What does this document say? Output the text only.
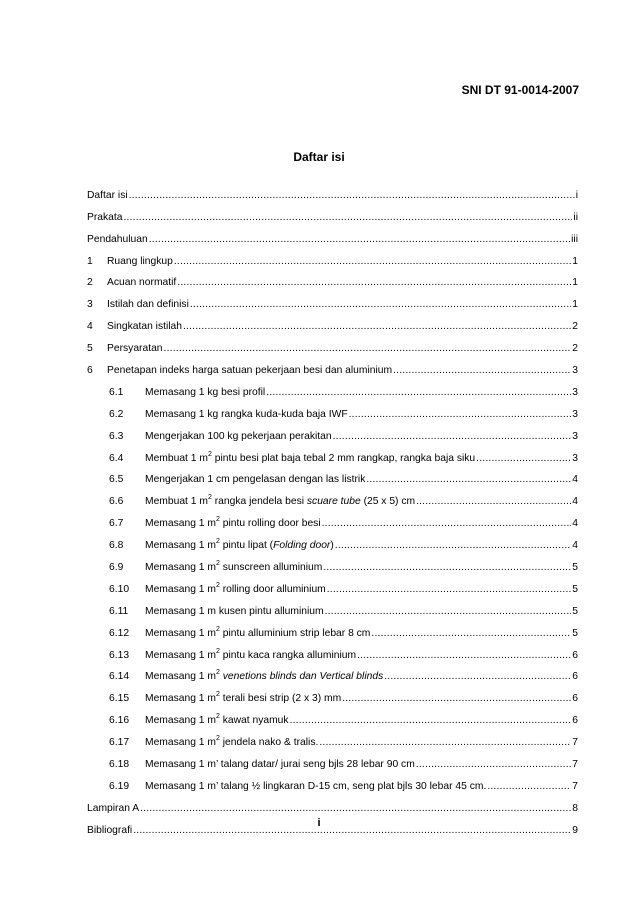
SNI DT 91-0014-2007
Daftar isi
Daftar isi .....	i
Prakata .....	ii
Pendahuluan .....	iii
1	Ruang lingkup .....	1
2	Acuan normatif .....	1
3	Istilah dan definisi .....	1
4	Singkatan istilah .....	2
5	Persyaratan .....	2
6	Penetapan indeks harga satuan pekerjaan besi dan aluminium .....	3
6.1	Memasang 1 kg besi profil .....	3
6.2	Memasang 1 kg rangka kuda-kuda baja IWF .....	3
6.3	Mengerjakan 100 kg pekerjaan perakitan .....	3
6.4	Membuat 1 $m^2$ pintu besi plat baja tebal 2 mm rangkap, rangka baja siku .....	3
6.5	Mengerjakan 1 cm pengelasan dengan las listrik .....	4
6.6	Membuat 1 $m^2$ rangka jendela besi scuare tube (25 x 5) cm .....	4
6.7	Memasang 1 $m^2$ pintu rolling door besi .....	4
6.8	Memasang 1 $m^2$ pintu lipat (Folding door) .....	4
6.9	Memasang 1 $m^2$ sunscreen alluminium .....	5
6.10	Memasang 1 $m^2$ rolling door alluminium .....	5
6.11	Memasang 1 m kusen pintu alluminium .....	5
6.12	Memasang 1 $m^2$ pintu alluminium strip lebar 8 cm .....	5
6.13	Memasang 1 $m^2$ pintu kaca rangka alluminium .....	6
6.14	Memasang 1 $m^2$ venetions blinds dan Vertical blinds .....	6
6.15	Memasang 1 $m^2$ terali besi strip (2 x 3) mm .....	6
6.16	Memasang 1 $m^2$ kawat nyamuk .....	6
6.17	Memasang 1 $m^2$ jendela nako & tralis. .....	7
6.18	Memasang 1 m’ talang datar/ jurai seng bjls 28 lebar 90 cm .....	7
6.19	Memasang 1 m’ talang ½ lingkaran D-15 cm, seng plat bjls 30 lebar 45 cm. .....	7
Lampiran A .....	8
Bibliografi .....	9
i
